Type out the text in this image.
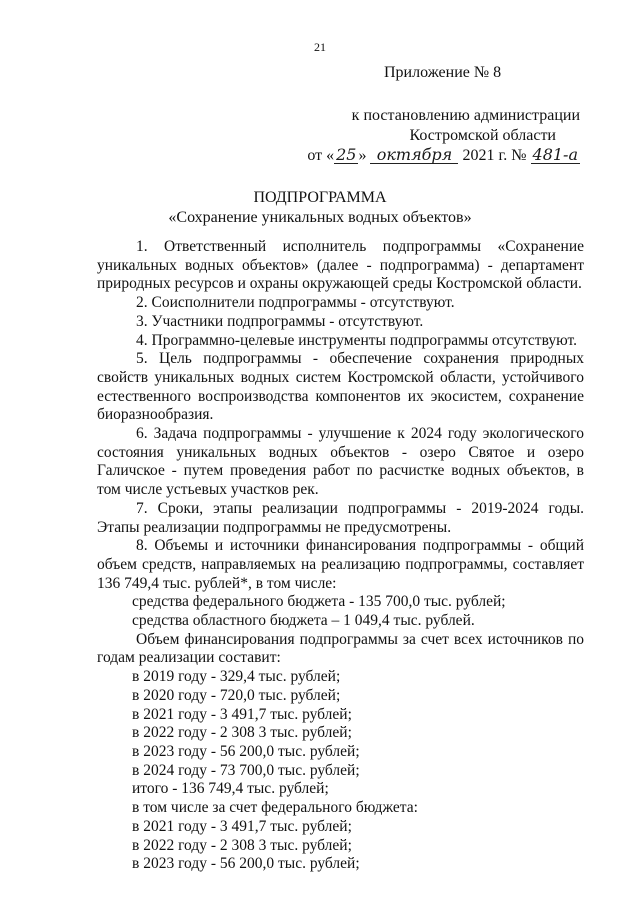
21
Приложение № 8
к постановлению администрации
Костромской области
от « 25 » октября 2021 г. № 481-а
ПОДПРОГРАММА
«Сохранение уникальных водных объектов»

1. Ответственный исполнитель подпрограммы «Сохранение уникальных водных объектов» (далее - подпрограмма) - департамент природных ресурсов и охраны окружающей среды Костромской области.

2. Соисполнители подпрограммы - отсутствуют.

3. Участники подпрограммы - отсутствуют.

4. Программно-целевые инструменты подпрограммы отсутствуют.

5. Цель подпрограммы - обеспечение сохранения природных свойств уникальных водных систем Костромской области, устойчивого естественного воспроизводства компонентов их экосистем, сохранение биоразнообразия.

6. Задача подпрограммы - улучшение к 2024 году экологического состояния уникальных водных объектов - озеро Святое и озеро Галичское - путем проведения работ по расчистке водных объектов, в том числе устьевых участков рек.

7. Сроки, этапы реализации подпрограммы - 2019-2024 годы. Этапы реализации подпрограммы не предусмотрены.

8. Объемы и источники финансирования подпрограммы - общий объем средств, направляемых на реализацию подпрограммы, составляет 136 749,4 тыс. рублей*, в том числе:

средства федерального бюджета - 135 700,0 тыс. рублей;

средства областного бюджета – 1 049,4 тыс. рублей.

Объем финансирования подпрограммы за счет всех источников по годам реализации составит:

в 2019 году - 329,4 тыс. рублей;

в 2020 году - 720,0 тыс. рублей;

в 2021 году - 3 491,7 тыс. рублей;

в 2022 году - 2 308 3 тыс. рублей;

в 2023 году - 56 200,0 тыс. рублей;

в 2024 году - 73 700,0 тыс. рублей;

итого - 136 749,4 тыс. рублей;

в том числе за счет федерального бюджета:

в 2021 году - 3 491,7 тыс. рублей;

в 2022 году - 2 308 3 тыс. рублей;

в 2023 году - 56 200,0 тыс. рублей;
